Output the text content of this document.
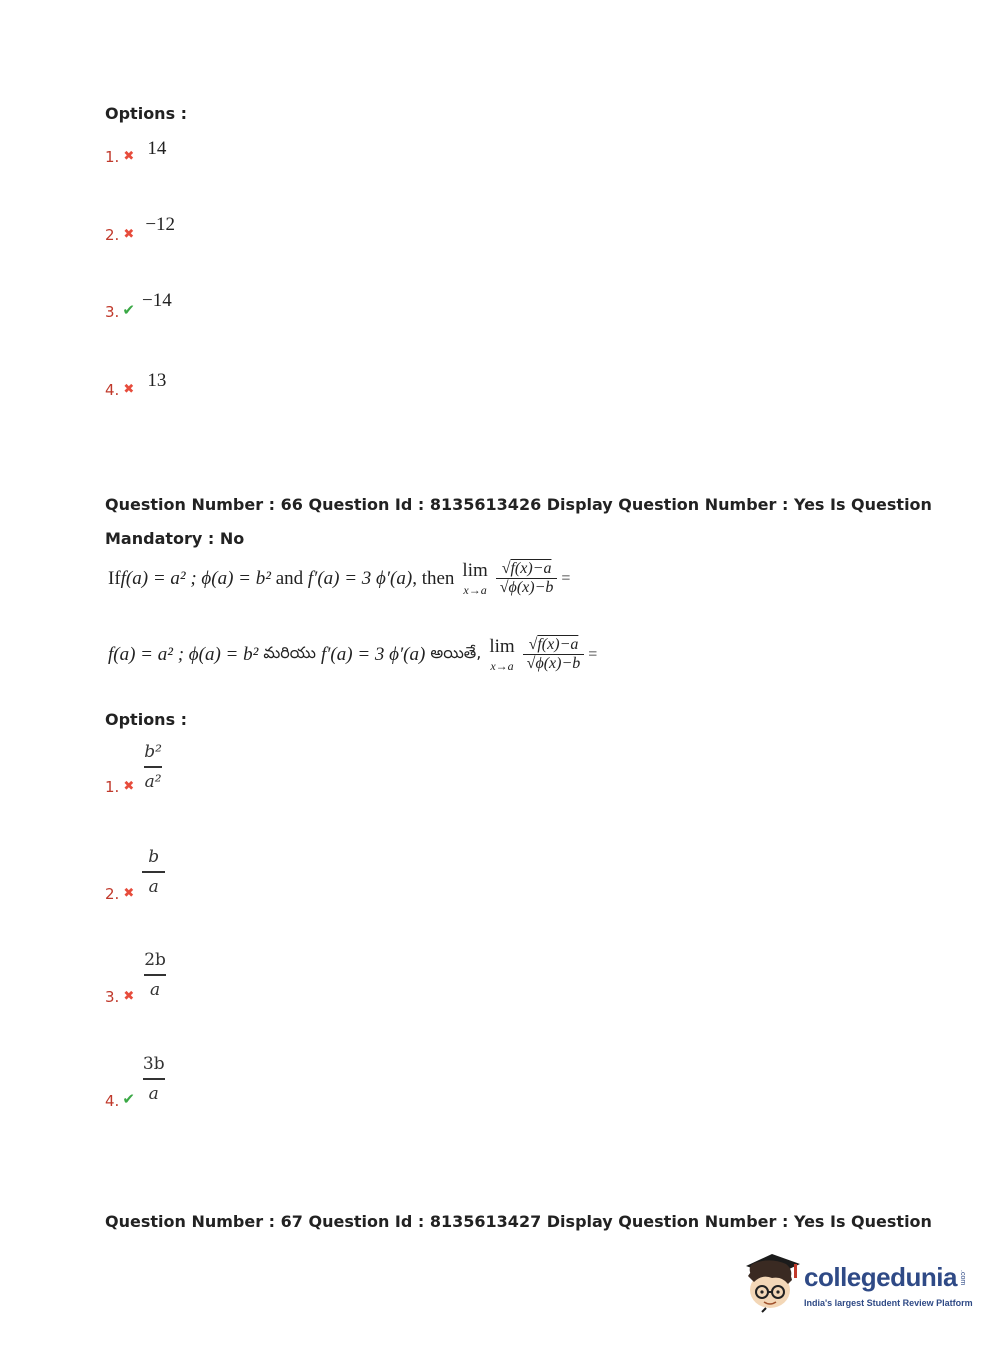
Options :
1. $_✖$ 14
2. $_✖$ −12
3. ✔ −14
4. $_✖$ 13
Question Number : 66 Question Id : 8135613426 Display Question Number : Yes Is Question
Mandatory : No
If f(a) = a² ; ϕ(a) = b² and f′(a) = 3 ϕ′(a) , then lim
$x\to a \frac{√f(x)-a}{√\phi(x)-b}$ =
f(a) = a² ; ϕ(a) = b² మరియు f′(a) = 3 ϕ′(a) అయితే, lim
$x\to a \frac{√f(x)-a}{√\phi(x)-b}$ =
Options :
1. ✖ $\frac{\text{b²}}{\text{a²}}$
2. ✖ $\frac{b}{a}$
3. ✖ $\frac{2b}{a}$
4. ✔ $\frac{3b}{a}$
Question Number : 67 Question Id : 8135613427 Display Question Number : Yes Is Question
collegedunia .com
India's largest Student Review Platform
